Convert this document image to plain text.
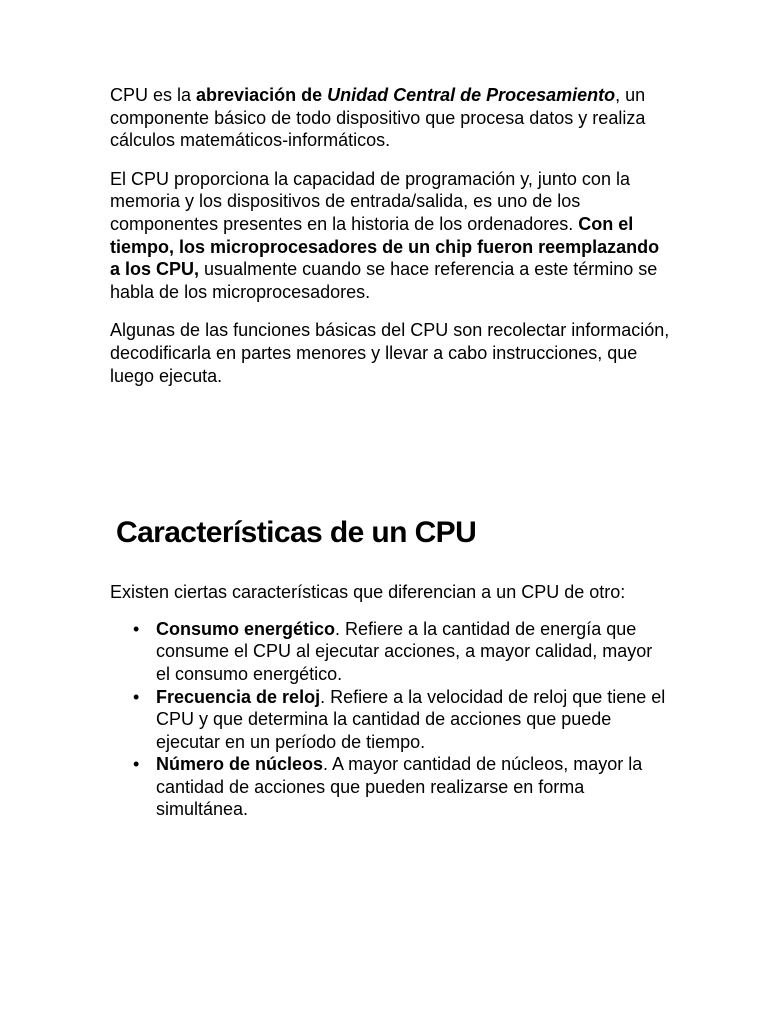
CPU es la abreviación de Unidad Central de Procesamiento, un componente básico de todo dispositivo que procesa datos y realiza cálculos matemáticos-informáticos.

El CPU proporciona la capacidad de programación y, junto con la memoria y los dispositivos de entrada/salida, es uno de los componentes presentes en la historia de los ordenadores. Con el tiempo, los microprocesadores de un chip fueron reemplazando a los CPU, usualmente cuando se hace referencia a este término se habla de los microprocesadores.

Algunas de las funciones básicas del CPU son recolectar información, decodificarla en partes menores y llevar a cabo instrucciones, que luego ejecuta.

Características de un CPU

Existen ciertas características que diferencian a un CPU de otro:

• Consumo energético. Refiere a la cantidad de energía que consume el CPU al ejecutar acciones, a mayor calidad, mayor el consumo energético.
• Frecuencia de reloj. Refiere a la velocidad de reloj que tiene el CPU y que determina la cantidad de acciones que puede ejecutar en un período de tiempo.
• Número de núcleos. A mayor cantidad de núcleos, mayor la cantidad de acciones que pueden realizarse en forma simultánea.
